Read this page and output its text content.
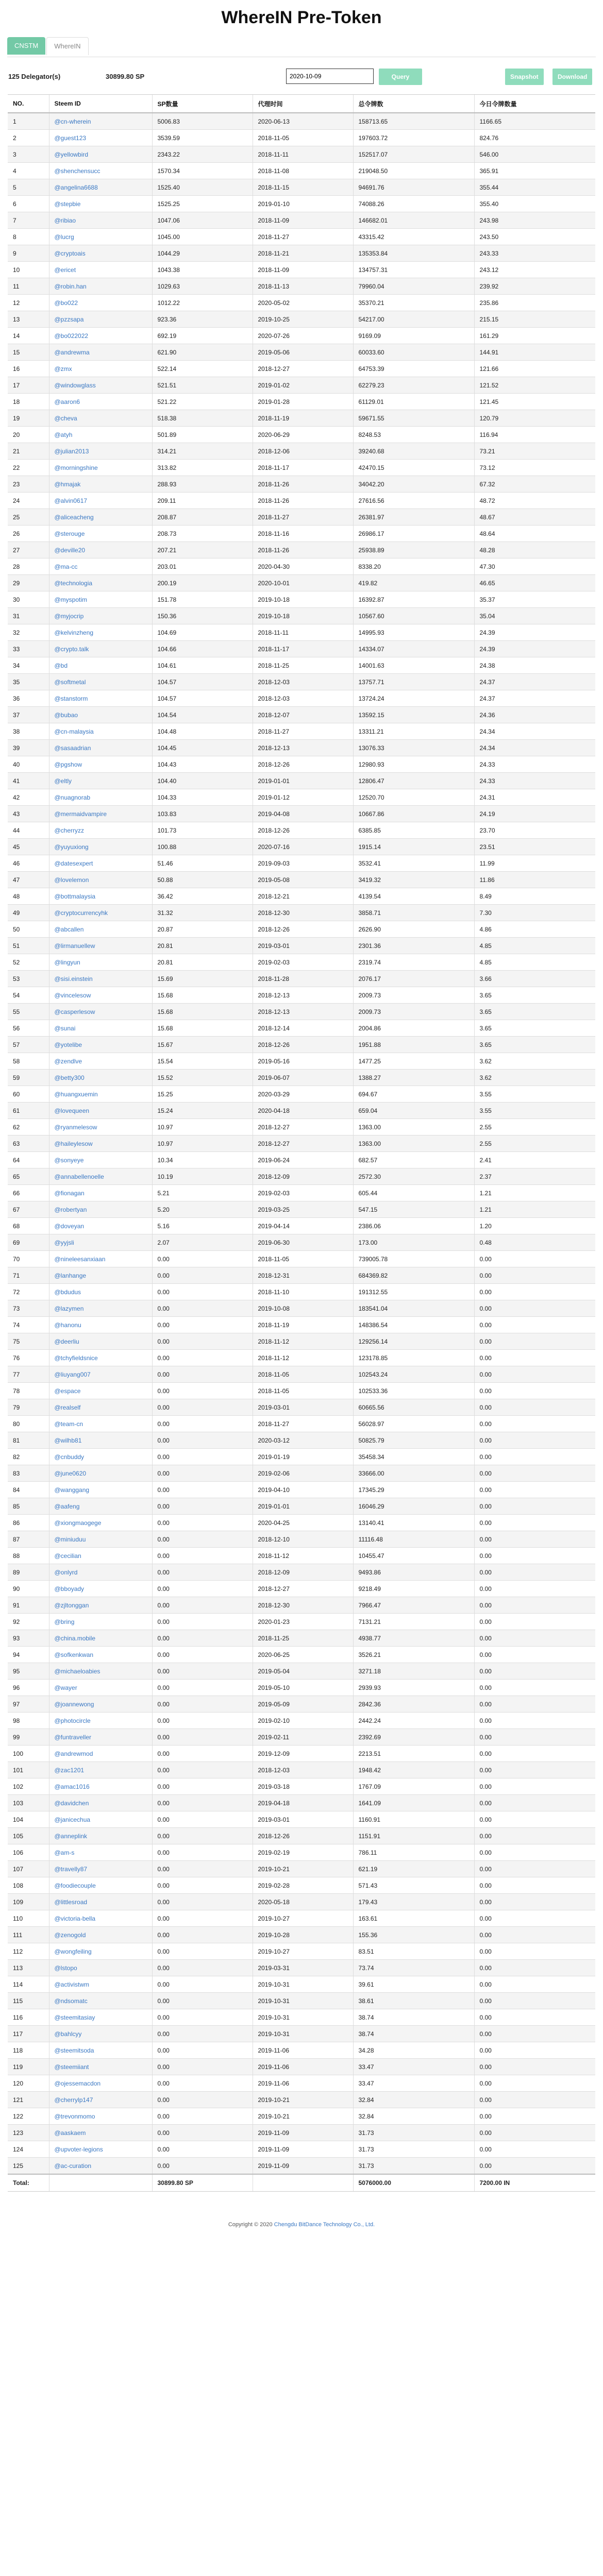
WhereIN Pre-Token
CNSTM	WhereIN
125 Delegator(s)	30899.80 SP
2020-10-09	Query	Snapshot	Download
NO.	Steem ID	SP数量	代理时间	总令牌数	今日令牌数量
1	@cn-wherein	5006.83	2020-06-13	158713.65	1166.65
2	@guest123	3539.59	2018-11-05	197603.72	824.76
3	@yellowbird	2343.22	2018-11-11	152517.07	546.00
4	@shenchensucc	1570.34	2018-11-08	219048.50	365.91
5	@angelina6688	1525.40	2018-11-15	94691.76	355.44
6	@stepbie	1525.25	2019-01-10	74088.26	355.40
7	@ribiao	1047.06	2018-11-09	146682.01	243.98
8	@lucrg	1045.00	2018-11-27	43315.42	243.50
9	@cryptoais	1044.29	2018-11-21	135353.84	243.33
10	@ericet	1043.38	2018-11-09	134757.31	243.12
11	@robin.han	1029.63	2018-11-13	79960.04	239.92
12	@bo022	1012.22	2020-05-02	35370.21	235.86
13	@pzzsapa	923.36	2019-10-25	54217.00	215.15
14	@bo022022	692.19	2020-07-26	9169.09	161.29
15	@andrewma	621.90	2019-05-06	60033.60	144.91
16	@zmx	522.14	2018-12-27	64753.39	121.66
17	@windowglass	521.51	2019-01-02	62279.23	121.52
18	@aaron6	521.22	2019-01-28	61129.01	121.45
19	@cheva	518.38	2018-11-19	59671.55	120.79
20	@atyh	501.89	2020-06-29	8248.53	116.94
21	@julian2013	314.21	2018-12-06	39240.68	73.21
22	@morningshine	313.82	2018-11-17	42470.15	73.12
23	@hmajak	288.93	2018-11-26	34042.20	67.32
24	@alvin0617	209.11	2018-11-26	27616.56	48.72
25	@aliceacheng	208.87	2018-11-27	26381.97	48.67
26	@sterouge	208.73	2018-11-16	26986.17	48.64
27	@deville20	207.21	2018-11-26	25938.89	48.28
28	@ma-cc	203.01	2020-04-30	8338.20	47.30
29	@technologia	200.19	2020-10-01	419.82	46.65
30	@myspotim	151.78	2019-10-18	16392.87	35.37
31	@myjocrip	150.36	2019-10-18	10567.60	35.04
32	@kelvinzheng	104.69	2018-11-11	14995.93	24.39
33	@crypto.talk	104.66	2018-11-17	14334.07	24.39
34	@bd	104.61	2018-11-25	14001.63	24.38
35	@softmetal	104.57	2018-12-03	13757.71	24.37
36	@stanstorm	104.57	2018-12-03	13724.24	24.37
37	@bubao	104.54	2018-12-07	13592.15	24.36
38	@cn-malaysia	104.48	2018-11-27	13311.21	24.34
39	@sasaadrian	104.45	2018-12-13	13076.33	24.34
40	@pgshow	104.43	2018-12-26	12980.93	24.33
41	@eltly	104.40	2019-01-01	12806.47	24.33
42	@nuagnorab	104.33	2019-01-12	12520.70	24.31
43	@mermaidvampire	103.83	2019-04-08	10667.86	24.19
44	@cherryzz	101.73	2018-12-26	6385.85	23.70
45	@yuyuxiong	100.88	2020-07-16	1915.14	23.51
46	@datesexpert	51.46	2019-09-03	3532.41	11.99
47	@lovelemon	50.88	2019-05-08	3419.32	11.86
48	@bottmalaysia	36.42	2018-12-21	4139.54	8.49
49	@cryptocurrencyhk	31.32	2018-12-30	3858.71	7.30
50	@abcallen	20.87	2018-12-26	2626.90	4.86
51	@lirmanuellew	20.81	2019-03-01	2301.36	4.85
52	@lingyun	20.81	2019-02-03	2319.74	4.85
53	@sisi.einstein	15.69	2018-11-28	2076.17	3.66
54	@vincelesow	15.68	2018-12-13	2009.73	3.65
55	@casperlesow	15.68	2018-12-13	2009.73	3.65
56	@sunai	15.68	2018-12-14	2004.86	3.65
57	@yotelibe	15.67	2018-12-26	1951.88	3.65
58	@zendlve	15.54	2019-05-16	1477.25	3.62
59	@betty300	15.52	2019-06-07	1388.27	3.62
60	@huangxuemin	15.25	2020-03-29	694.67	3.55
61	@lovequeen	15.24	2020-04-18	659.04	3.55
62	@ryanmelesow	10.97	2018-12-27	1363.00	2.55
63	@haileylesow	10.97	2018-12-27	1363.00	2.55
64	@sonyeye	10.34	2019-06-24	682.57	2.41
65	@annabellenoelle	10.19	2018-12-09	2572.30	2.37
66	@fionagan	5.21	2019-02-03	605.44	1.21
67	@robertyan	5.20	2019-03-25	547.15	1.21
68	@doveyan	5.16	2019-04-14	2386.06	1.20
69	@yyjsli	2.07	2019-06-30	173.00	0.48
70	@nineleesanxiaan	0.00	2018-11-05	739005.78	0.00
71	@lanhange	0.00	2018-12-31	684369.82	0.00
72	@bdudus	0.00	2018-11-10	191312.55	0.00
73	@lazymen	0.00	2019-10-08	183541.04	0.00
74	@hanonu	0.00	2018-11-19	148386.54	0.00
75	@deerliu	0.00	2018-11-12	129256.14	0.00
76	@tchyfieldsnice	0.00	2018-11-12	123178.85	0.00
77	@liuyang007	0.00	2018-11-05	102543.24	0.00
78	@espace	0.00	2018-11-05	102533.36	0.00
79	@realself	0.00	2019-03-01	60665.56	0.00
80	@team-cn	0.00	2018-11-27	56028.97	0.00
81	@wilhb81	0.00	2020-03-12	50825.79	0.00
82	@cnbuddy	0.00	2019-01-19	35458.34	0.00
83	@june0620	0.00	2019-02-06	33666.00	0.00
84	@wanggang	0.00	2019-04-10	17345.29	0.00
85	@aafeng	0.00	2019-01-01	16046.29	0.00
86	@xiongmaogege	0.00	2020-04-25	13140.41	0.00
87	@miniuduu	0.00	2018-12-10	11116.48	0.00
88	@cecilian	0.00	2018-11-12	10455.47	0.00
89	@onlyrd	0.00	2018-12-09	9493.86	0.00
90	@bboyady	0.00	2018-12-27	9218.49	0.00
91	@zjltonggan	0.00	2018-12-30	7966.47	0.00
92	@bring	0.00	2020-01-23	7131.21	0.00
93	@china.mobile	0.00	2018-11-25	4938.77	0.00
94	@sofkenkwan	0.00	2020-06-25	3526.21	0.00
95	@michaeloabies	0.00	2019-05-04	3271.18	0.00
96	@wayer	0.00	2019-05-10	2939.93	0.00
97	@joannewong	0.00	2019-05-09	2842.36	0.00
98	@photocircle	0.00	2019-02-10	2442.24	0.00
99	@funtraveller	0.00	2019-02-11	2392.69	0.00
100	@andrewmod	0.00	2019-12-09	2213.51	0.00
101	@zac1201	0.00	2018-12-03	1948.42	0.00
102	@amac1016	0.00	2019-03-18	1767.09	0.00
103	@davidchen	0.00	2019-04-18	1641.09	0.00
104	@janicechua	0.00	2019-03-01	1160.91	0.00
105	@anneplink	0.00	2018-12-26	1151.91	0.00
106	@am-s	0.00	2019-02-19	786.11	0.00
107	@travelly87	0.00	2019-10-21	621.19	0.00
108	@foodiecouple	0.00	2019-02-28	571.43	0.00
109	@littlesroad	0.00	2020-05-18	179.43	0.00
110	@victoria-bella	0.00	2019-10-27	163.61	0.00
111	@zenogold	0.00	2019-10-28	155.36	0.00
112	@wongfeiling	0.00	2019-10-27	83.51	0.00
113	@lstopo	0.00	2019-03-31	73.74	0.00
114	@activistwm	0.00	2019-10-31	39.61	0.00
115	@ndsomatc	0.00	2019-10-31	38.61	0.00
116	@steemitasiay	0.00	2019-10-31	38.74	0.00
117	@bahlcyy	0.00	2019-10-31	38.74	0.00
118	@steemitsoda	0.00	2019-11-06	34.28	0.00
119	@steemiiant	0.00	2019-11-06	33.47	0.00
120	@ojessemacdon	0.00	2019-11-06	33.47	0.00
121	@cherrylp147	0.00	2019-10-21	32.84	0.00
122	@trevonmomo	0.00	2019-10-21	32.84	0.00
123	@aaskaem	0.00	2019-11-09	31.73	0.00
124	@upvoter-legions	0.00	2019-11-09	31.73	0.00
125	@ac-curation	0.00	2019-11-09	31.73	0.00
Total:		30899.80 SP		5076000.00	7200.00 IN
Copyright © 2020 Chengdu BitDance Technology Co., Ltd.
